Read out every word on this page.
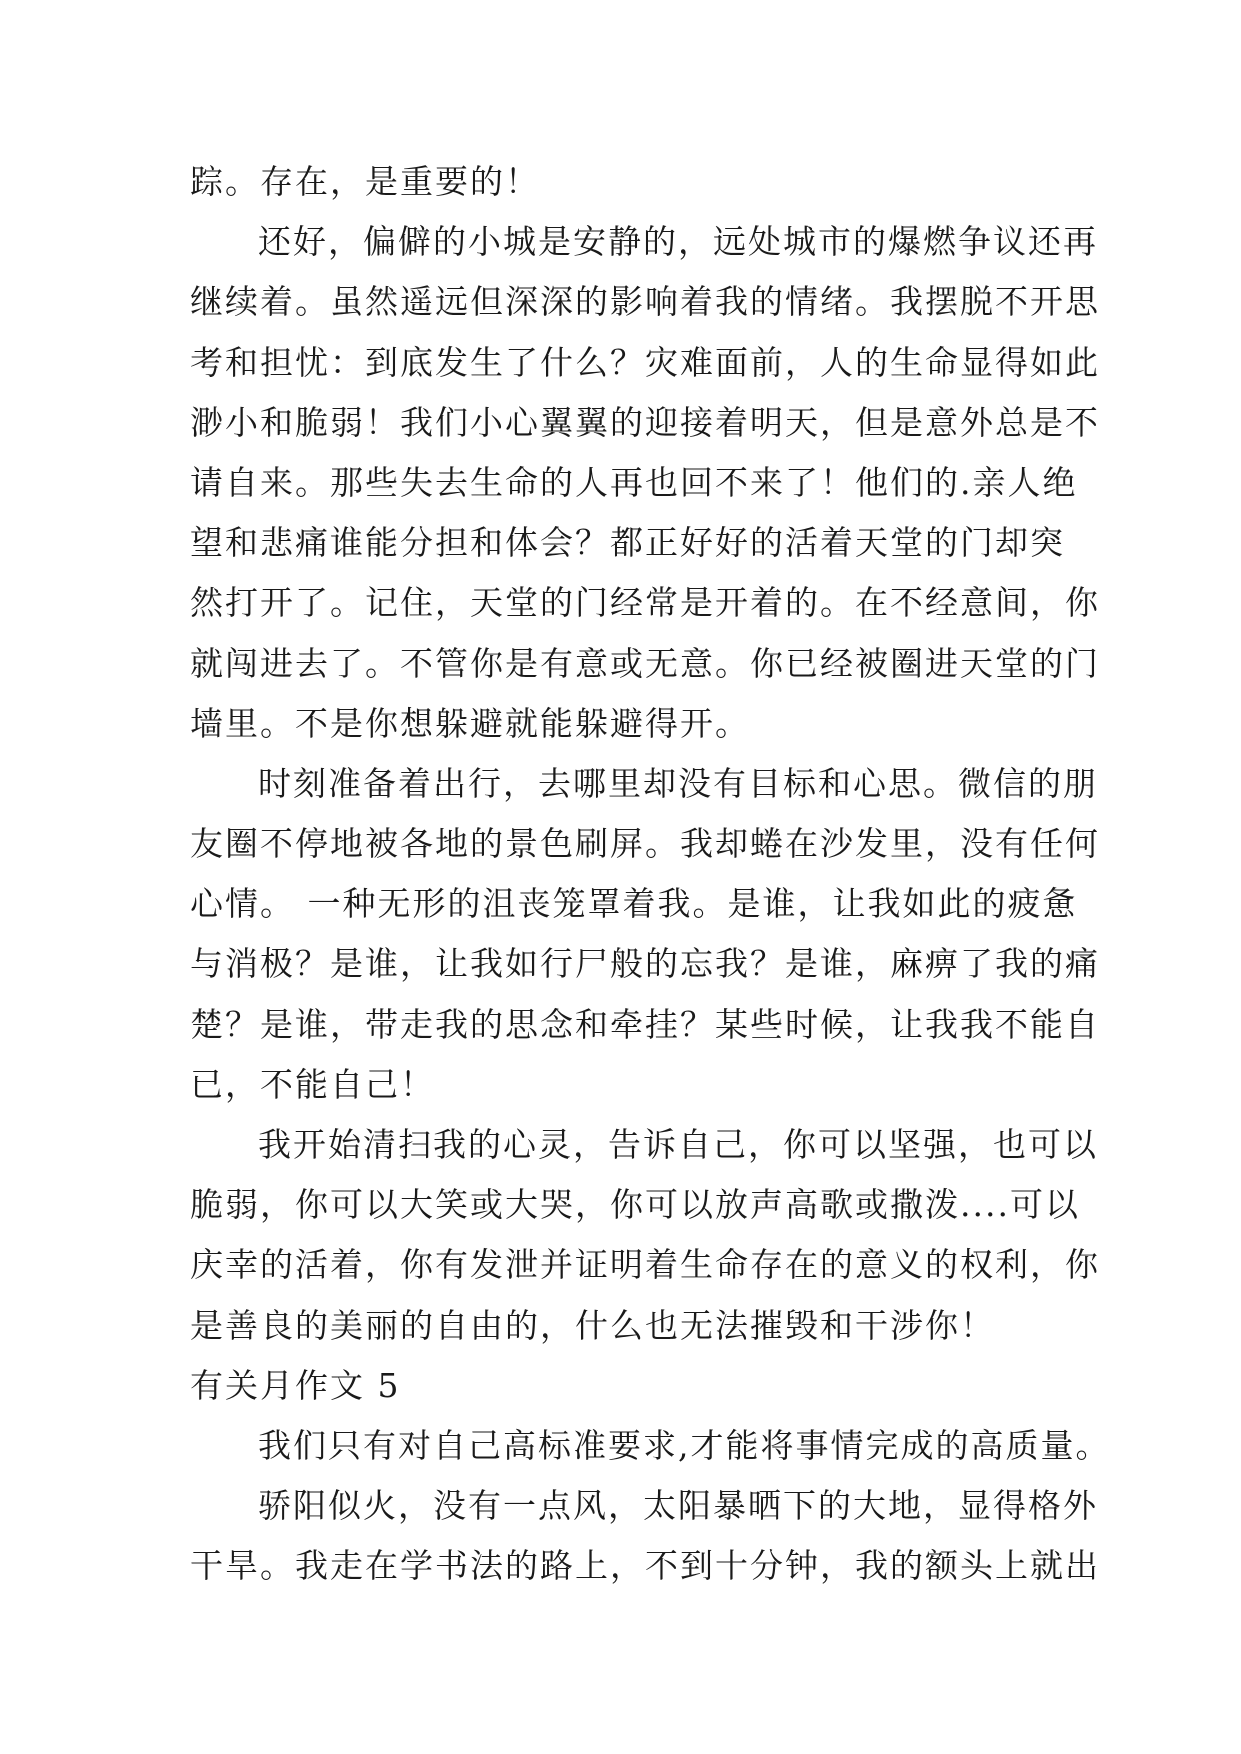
踪。存在，是重要的！
还好，偏僻的小城是安静的，远处城市的爆燃争议还再
继续着。虽然遥远但深深的影响着我的情绪。我摆脱不开思
考和担忧：到底发生了什么？灾难面前，人的生命显得如此
渺小和脆弱！我们小心翼翼的迎接着明天，但是意外总是不
请自来。那些失去生命的人再也回不来了！他们的.亲人绝
望和悲痛谁能分担和体会？都正好好的活着天堂的门却突
然打开了。记住，天堂的门经常是开着的。在不经意间，你
就闯进去了。不管你是有意或无意。你已经被圈进天堂的门
墙里。不是你想躲避就能躲避得开。
时刻准备着出行，去哪里却没有目标和心思。微信的朋
友圈不停地被各地的景色刷屏。我却蜷在沙发里，没有任何
心情。 一种无形的沮丧笼罩着我。是谁，让我如此的疲惫
与消极？是谁，让我如行尸般的忘我？是谁，麻痹了我的痛
楚？是谁，带走我的思念和牵挂？某些时候，让我我不能自
已，不能自己！
我开始清扫我的心灵，告诉自己，你可以坚强，也可以
脆弱，你可以大笑或大哭，你可以放声高歌或撒泼....可以
庆幸的活着，你有发泄并证明着生命存在的意义的权利，你
是善良的美丽的自由的，什么也无法摧毁和干涉你！
有关月作文 5
我们只有对自己高标准要求,才能将事情完成的高质量。
骄阳似火，没有一点风，太阳暴晒下的大地，显得格外
干旱。我走在学书法的路上，不到十分钟，我的额头上就出
